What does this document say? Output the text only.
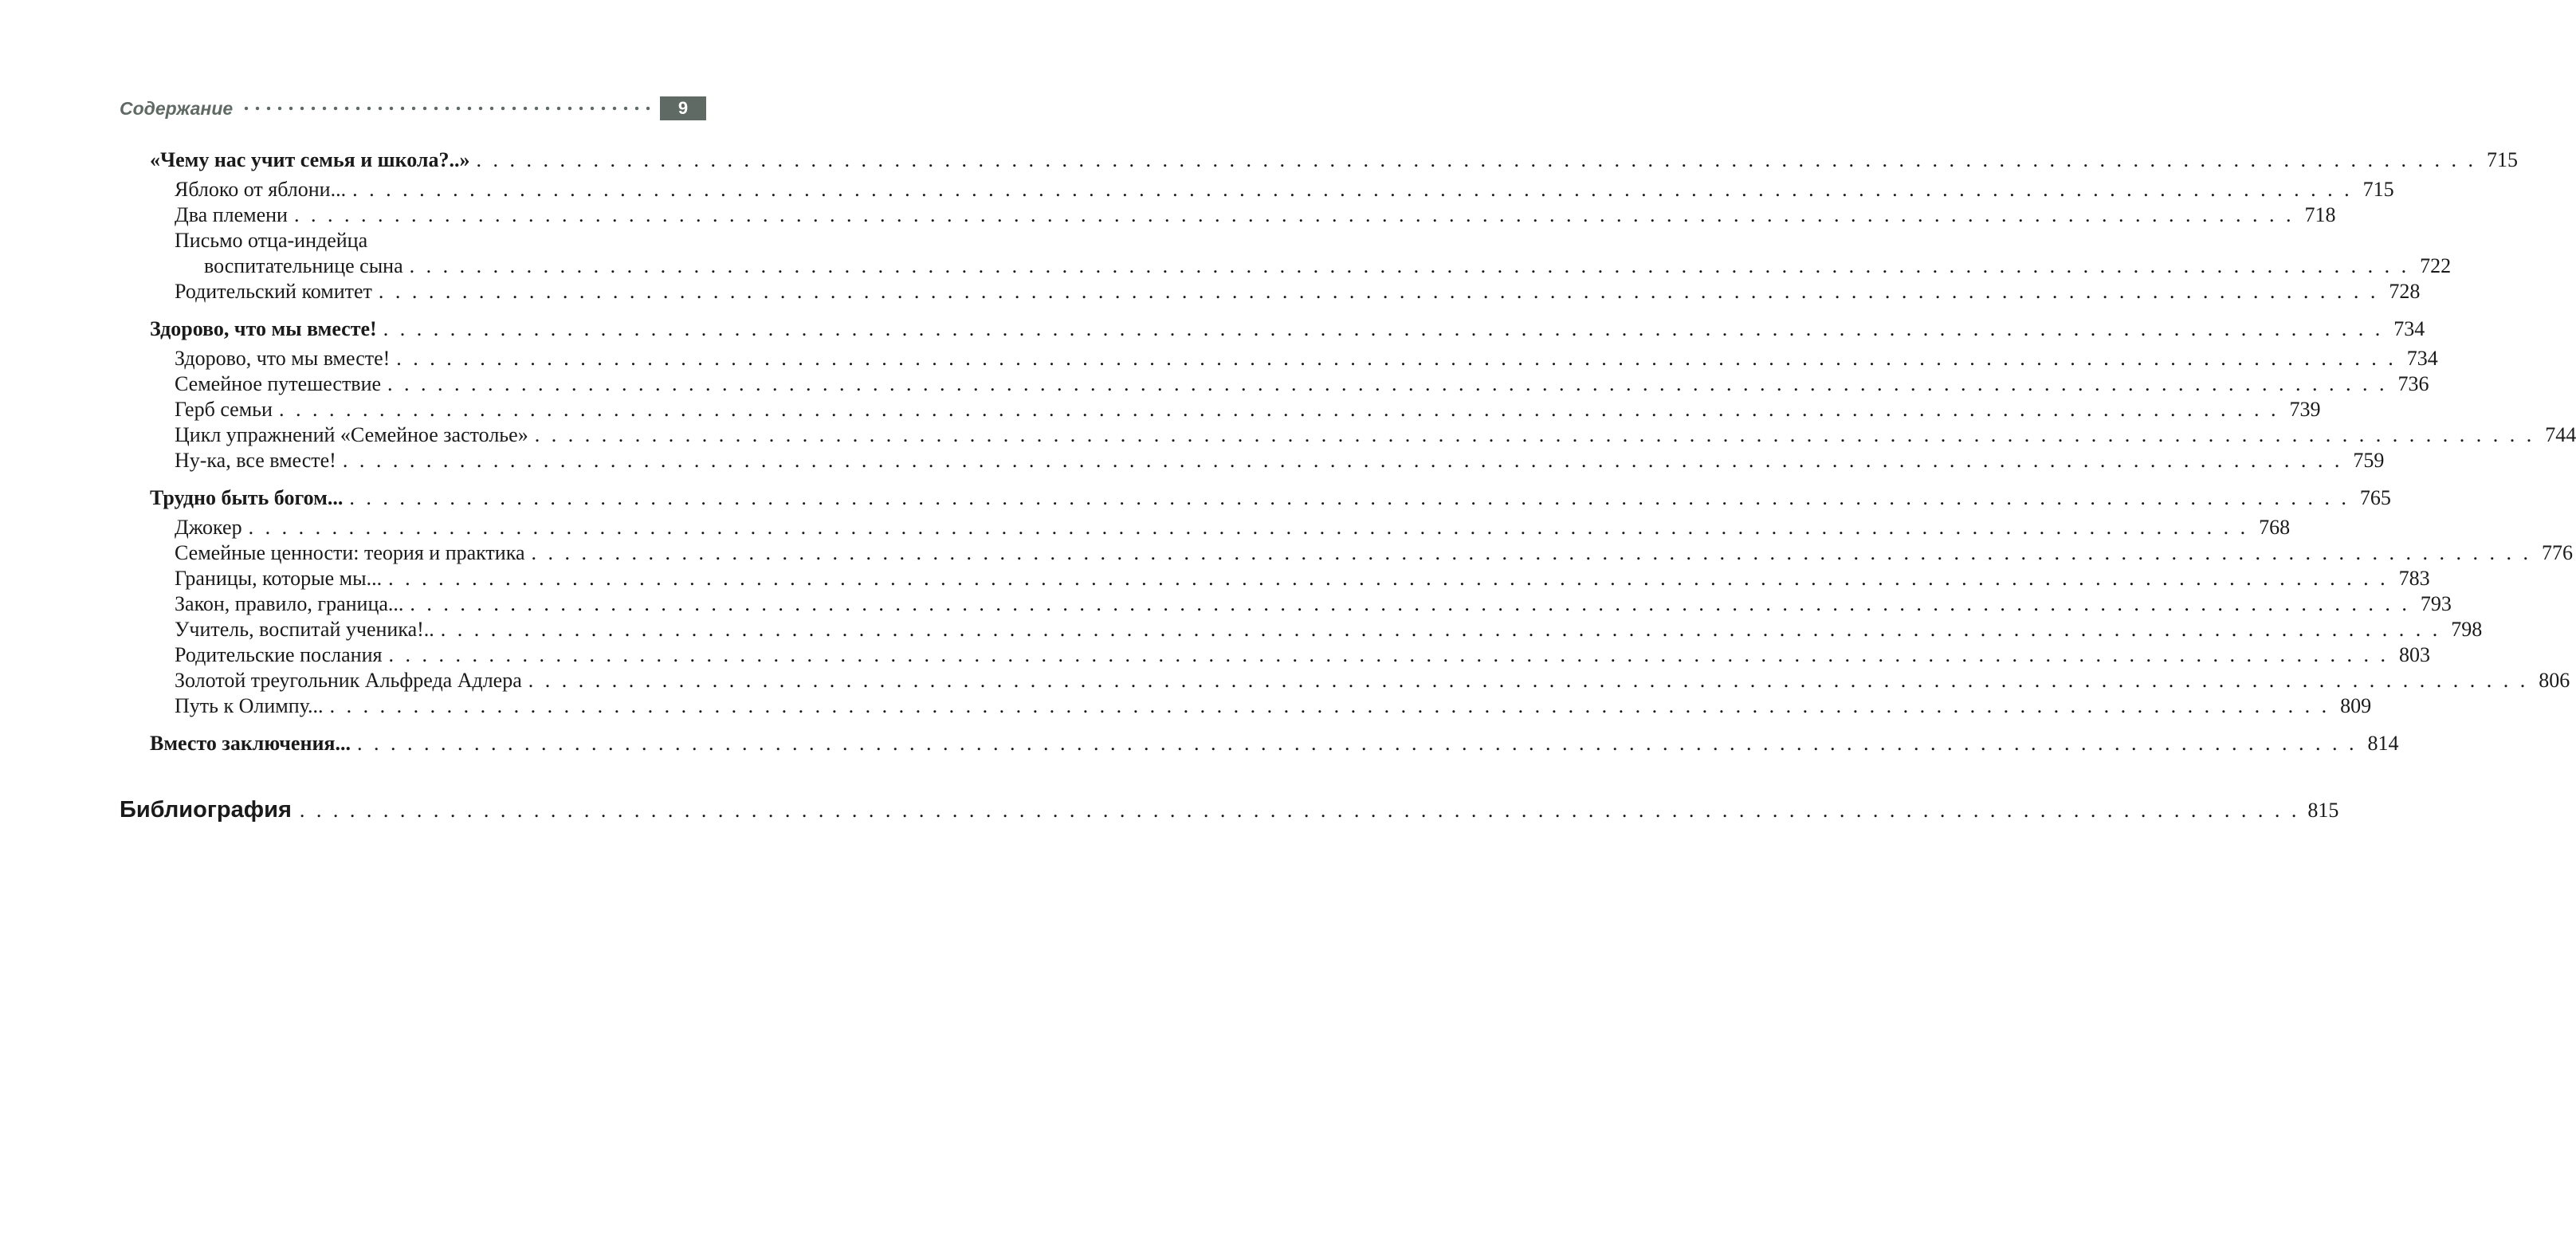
Содержание	9
«Чему нас учит семья и школа?..» . . . . . . . . . . . . . . . . . . . . . . . . . . . . . . . . . . . . . . . . . . . . . . . . . . . . . . . . . . . . . . . . . . . . . . . . . . . . . . . . . . . . . . . . . . . . . . . . . . . . . . . . . . . . . . . . . . . . . . . . 715
Яблоко от яблони... . . . . . . . . . . . . . . . . . . . . . . . . . . . . . . . . . . . . . . . . . . . . . . . . . . . . . . . . . . . . . . . . . . . . . . . . . . . . . . . . . . . . . . . . . . . . . . . . . . . . . . . . . . . . . . . . . . . . . . . . 715
Два племени . . . . . . . . . . . . . . . . . . . . . . . . . . . . . . . . . . . . . . . . . . . . . . . . . . . . . . . . . . . . . . . . . . . . . . . . . . . . . . . . . . . . . . . . . . . . . . . . . . . . . . . . . . . . . . . . . . . . . . . . 718
Письмо отца-индейца
воспитательнице сына . . . . . . . . . . . . . . . . . . . . . . . . . . . . . . . . . . . . . . . . . . . . . . . . . . . . . . . . . . . . . . . . . . . . . . . . . . . . . . . . . . . . . . . . . . . . . . . . . . . . . . . . . . . . . . . . . . . . . . . . 722
Родительский комитет . . . . . . . . . . . . . . . . . . . . . . . . . . . . . . . . . . . . . . . . . . . . . . . . . . . . . . . . . . . . . . . . . . . . . . . . . . . . . . . . . . . . . . . . . . . . . . . . . . . . . . . . . . . . . . . . . . . . . . . . 728
Здорово, что мы вместе! . . . . . . . . . . . . . . . . . . . . . . . . . . . . . . . . . . . . . . . . . . . . . . . . . . . . . . . . . . . . . . . . . . . . . . . . . . . . . . . . . . . . . . . . . . . . . . . . . . . . . . . . . . . . . . . . . . . . . . . . 734
Здорово, что мы вместе! . . . . . . . . . . . . . . . . . . . . . . . . . . . . . . . . . . . . . . . . . . . . . . . . . . . . . . . . . . . . . . . . . . . . . . . . . . . . . . . . . . . . . . . . . . . . . . . . . . . . . . . . . . . . . . . . . . . . . . . . 734
Семейное путешествие . . . . . . . . . . . . . . . . . . . . . . . . . . . . . . . . . . . . . . . . . . . . . . . . . . . . . . . . . . . . . . . . . . . . . . . . . . . . . . . . . . . . . . . . . . . . . . . . . . . . . . . . . . . . . . . . . . . . . . . . 736
Герб семьи . . . . . . . . . . . . . . . . . . . . . . . . . . . . . . . . . . . . . . . . . . . . . . . . . . . . . . . . . . . . . . . . . . . . . . . . . . . . . . . . . . . . . . . . . . . . . . . . . . . . . . . . . . . . . . . . . . . . . . . . 739
Цикл упражнений «Семейное застолье» . . . . . . . . . . . . . . . . . . . . . . . . . . . . . . . . . . . . . . . . . . . . . . . . . . . . . . . . . . . . . . . . . . . . . . . . . . . . . . . . . . . . . . . . . . . . . . . . . . . . . . . . . . . . . . . . . . . . . . . . 744
Ну-ка, все вместе! . . . . . . . . . . . . . . . . . . . . . . . . . . . . . . . . . . . . . . . . . . . . . . . . . . . . . . . . . . . . . . . . . . . . . . . . . . . . . . . . . . . . . . . . . . . . . . . . . . . . . . . . . . . . . . . . . . . . . . . . 759
Трудно быть богом... . . . . . . . . . . . . . . . . . . . . . . . . . . . . . . . . . . . . . . . . . . . . . . . . . . . . . . . . . . . . . . . . . . . . . . . . . . . . . . . . . . . . . . . . . . . . . . . . . . . . . . . . . . . . . . . . . . . . . . . . 765
Джокер . . . . . . . . . . . . . . . . . . . . . . . . . . . . . . . . . . . . . . . . . . . . . . . . . . . . . . . . . . . . . . . . . . . . . . . . . . . . . . . . . . . . . . . . . . . . . . . . . . . . . . . . . . . . . . . . . . . . . . . . 768
Семейные ценности: теория и практика . . . . . . . . . . . . . . . . . . . . . . . . . . . . . . . . . . . . . . . . . . . . . . . . . . . . . . . . . . . . . . . . . . . . . . . . . . . . . . . . . . . . . . . . . . . . . . . . . . . . . . . . . . . . . . . . . . . . . . . . 776
Границы, которые мы... . . . . . . . . . . . . . . . . . . . . . . . . . . . . . . . . . . . . . . . . . . . . . . . . . . . . . . . . . . . . . . . . . . . . . . . . . . . . . . . . . . . . . . . . . . . . . . . . . . . . . . . . . . . . . . . . . . . . . . . . 783
Закон, правило, граница... . . . . . . . . . . . . . . . . . . . . . . . . . . . . . . . . . . . . . . . . . . . . . . . . . . . . . . . . . . . . . . . . . . . . . . . . . . . . . . . . . . . . . . . . . . . . . . . . . . . . . . . . . . . . . . . . . . . . . . . . 793
Учитель, воспитай ученика!.. . . . . . . . . . . . . . . . . . . . . . . . . . . . . . . . . . . . . . . . . . . . . . . . . . . . . . . . . . . . . . . . . . . . . . . . . . . . . . . . . . . . . . . . . . . . . . . . . . . . . . . . . . . . . . . . . . . . . . . . . 798
Родительские послания . . . . . . . . . . . . . . . . . . . . . . . . . . . . . . . . . . . . . . . . . . . . . . . . . . . . . . . . . . . . . . . . . . . . . . . . . . . . . . . . . . . . . . . . . . . . . . . . . . . . . . . . . . . . . . . . . . . . . . . . 803
Золотой треугольник Альфреда Адлера . . . . . . . . . . . . . . . . . . . . . . . . . . . . . . . . . . . . . . . . . . . . . . . . . . . . . . . . . . . . . . . . . . . . . . . . . . . . . . . . . . . . . . . . . . . . . . . . . . . . . . . . . . . . . . . . . . . . . . . . 806
Путь к Олимпу... . . . . . . . . . . . . . . . . . . . . . . . . . . . . . . . . . . . . . . . . . . . . . . . . . . . . . . . . . . . . . . . . . . . . . . . . . . . . . . . . . . . . . . . . . . . . . . . . . . . . . . . . . . . . . . . . . . . . . . . . 809
Вместо заключения... . . . . . . . . . . . . . . . . . . . . . . . . . . . . . . . . . . . . . . . . . . . . . . . . . . . . . . . . . . . . . . . . . . . . . . . . . . . . . . . . . . . . . . . . . . . . . . . . . . . . . . . . . . . . . . . . . . . . . . . . 814
Библиография . . . . . . . . . . . . . . . . . . . . . . . . . . . . . . . . . . . . . . . . . . . . . . . . . . . . . . . . . . . . . . . . . . . . . . . . . . . . . . . . . . . . . . . . . . . . . . . . . . . . . . . . . . . . . . . . . . . . . . . . 815
